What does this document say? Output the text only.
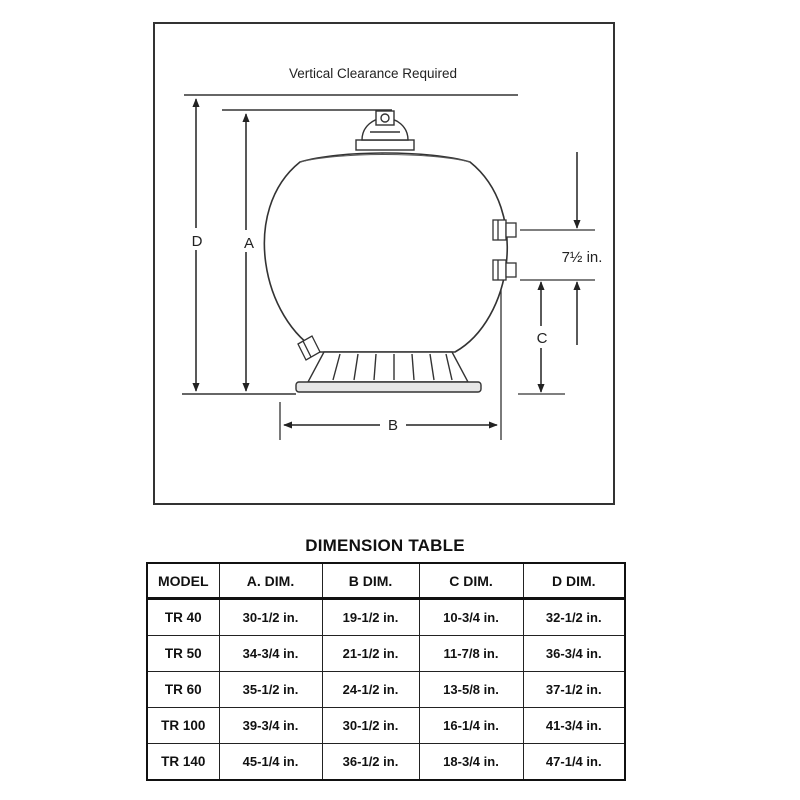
Vertical Clearance Required
D	A
B
7½ in.
C
DIMENSION TABLE
MODEL	A. DIM.	B DIM.	C DIM.	D DIM.
TR 40	30-1/2 in.	19-1/2 in.	10-3/4 in.	32-1/2 in.
TR 50	34-3/4 in.	21-1/2 in.	11-7/8 in.	36-3/4 in.
TR 60	35-1/2 in.	24-1/2 in.	13-5/8 in.	37-1/2 in.
TR 100	39-3/4 in.	30-1/2 in.	16-1/4 in.	41-3/4 in.
TR 140	45-1/4 in.	36-1/2 in.	18-3/4 in.	47-1/4 in.
